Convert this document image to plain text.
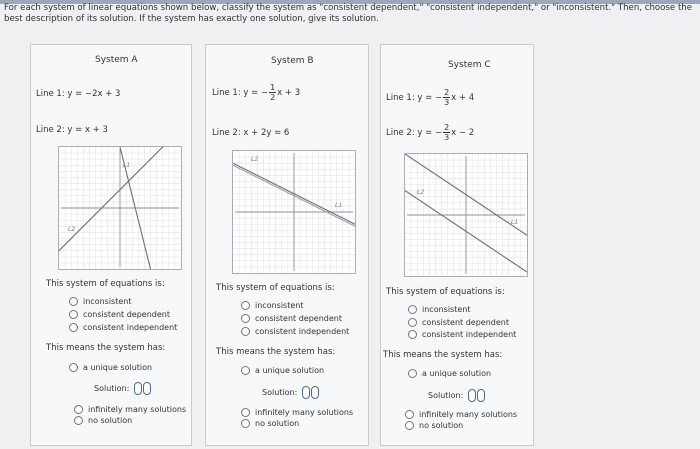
For each system of linear equations shown below, classify the system as "consistent dependent," "consistent independent," or "inconsistent." Then, choose the best description of its solution. If the system has exactly one solution, give its solution.
System A
Line 1: y = −2x + 3
Line 2: y = x + 3
L1
L2
This system of equations is:
inconsistent
consistent dependent
consistent independent
This means the system has:
a unique solution
Solution:
infinitely many solutions
no solution
System B
Line 1: y = − $\frac{1}{2}$ x + 3
Line 2: x + 2y = 6
L2
L1
This system of equations is:
inconsistent
consistent dependent
consistent independent
This means the system has:
a unique solution
Solution:
infinitely many solutions
no solution
System C
Line 1: y = − $\frac{2}{3}$ x + 4
Line 2: y = − $\frac{2}{3}$ x − 2
L2
L1
This system of equations is:
inconsistent
consistent dependent
consistent independent
This means the system has:
a unique solution
Solution:
infinitely many solutions
no solution
